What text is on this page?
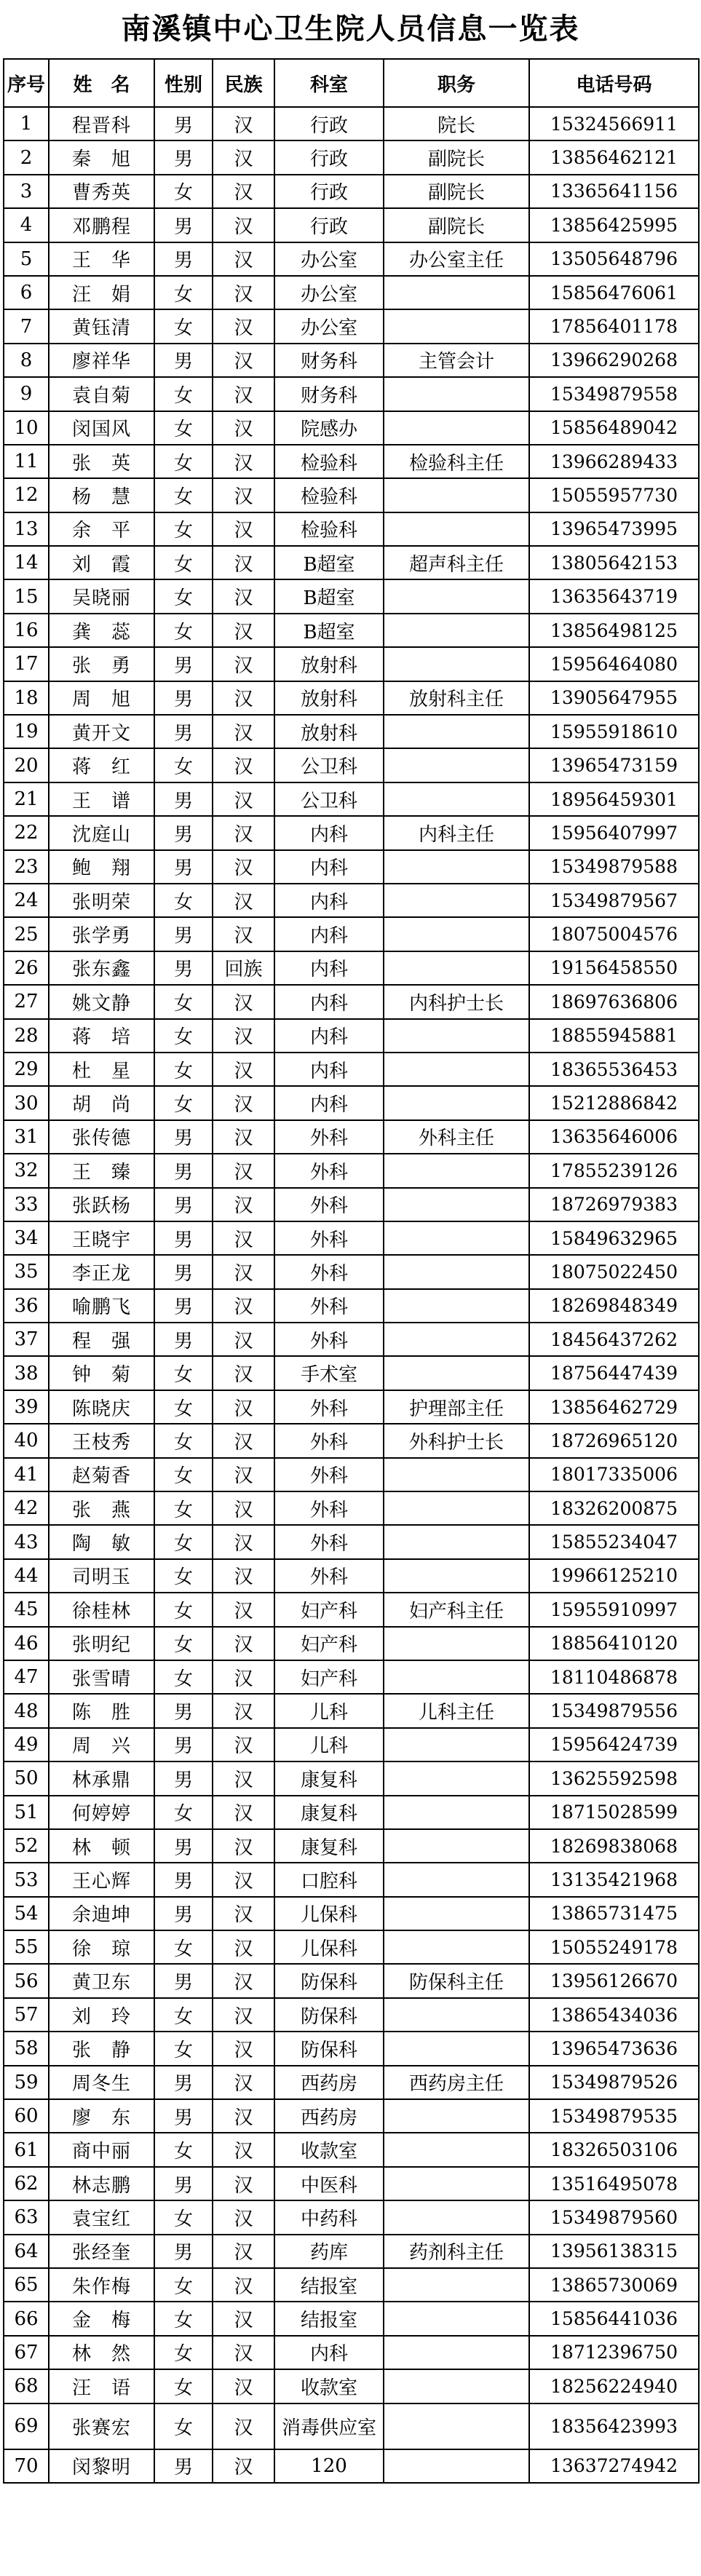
南溪镇中心卫生院人员信息一览表
序号	姓　名	性别	民族	科室	职务	电话号码
1	程晋科	男	汉	行政	院长	15324566911
2	秦　旭	男	汉	行政	副院长	13856462121
3	曹秀英	女	汉	行政	副院长	13365641156
4	邓鹏程	男	汉	行政	副院长	13856425995
5	王　华	男	汉	办公室	办公室主任	13505648796
6	汪　娟	女	汉	办公室		15856476061
7	黄钰清	女	汉	办公室		17856401178
8	廖祥华	男	汉	财务科	主管会计	13966290268
9	袁自菊	女	汉	财务科		15349879558
10	闵国风	女	汉	院感办		15856489042
11	张　英	女	汉	检验科	检验科主任	13966289433
12	杨　慧	女	汉	检验科		15055957730
13	余　平	女	汉	检验科		13965473995
14	刘　霞	女	汉	B超室	超声科主任	13805642153
15	吴晓丽	女	汉	B超室		13635643719
16	龚　蕊	女	汉	B超室		13856498125
17	张　勇	男	汉	放射科		15956464080
18	周　旭	男	汉	放射科	放射科主任	13905647955
19	黄开文	男	汉	放射科		15955918610
20	蒋　红	女	汉	公卫科		13965473159
21	王　谱	男	汉	公卫科		18956459301
22	沈庭山	男	汉	内科	内科主任	15956407997
23	鲍　翔	男	汉	内科		15349879588
24	张明荣	女	汉	内科		15349879567
25	张学勇	男	汉	内科		18075004576
26	张东鑫	男	回族	内科		19156458550
27	姚文静	女	汉	内科	内科护士长	18697636806
28	蒋　培	女	汉	内科		18855945881
29	杜　星	女	汉	内科		18365536453
30	胡　尚	女	汉	内科		15212886842
31	张传德	男	汉	外科	外科主任	13635646006
32	王　臻	男	汉	外科		17855239126
33	张跃杨	男	汉	外科		18726979383
34	王晓宇	男	汉	外科		15849632965
35	李正龙	男	汉	外科		18075022450
36	喻鹏飞	男	汉	外科		18269848349
37	程　强	男	汉	外科		18456437262
38	钟　菊	女	汉	手术室		18756447439
39	陈晓庆	女	汉	外科	护理部主任	13856462729
40	王枝秀	女	汉	外科	外科护士长	18726965120
41	赵菊香	女	汉	外科		18017335006
42	张　燕	女	汉	外科		18326200875
43	陶　敏	女	汉	外科		15855234047
44	司明玉	女	汉	外科		19966125210
45	徐桂林	女	汉	妇产科	妇产科主任	15955910997
46	张明纪	女	汉	妇产科		18856410120
47	张雪晴	女	汉	妇产科		18110486878
48	陈　胜	男	汉	儿科	儿科主任	15349879556
49	周　兴	男	汉	儿科		15956424739
50	林承鼎	男	汉	康复科		13625592598
51	何婷婷	女	汉	康复科		18715028599
52	林　顿	男	汉	康复科		18269838068
53	王心辉	男	汉	口腔科		13135421968
54	余迪坤	男	汉	儿保科		13865731475
55	徐　琼	女	汉	儿保科		15055249178
56	黄卫东	男	汉	防保科	防保科主任	13956126670
57	刘　玲	女	汉	防保科		13865434036
58	张　静	女	汉	防保科		13965473636
59	周冬生	男	汉	西药房	西药房主任	15349879526
60	廖　东	男	汉	西药房		15349879535
61	商中丽	女	汉	收款室		18326503106
62	林志鹏	男	汉	中医科		13516495078
63	袁宝红	女	汉	中药科		15349879560
64	张经奎	男	汉	药库	药剂科主任	13956138315
65	朱作梅	女	汉	结报室		13865730069
66	金　梅	女	汉	结报室		15856441036
67	林　然	女	汉	内科		18712396750
68	汪　语	女	汉	收款室		18256224940
69	张赛宏	女	汉	消毒供应室		18356423993
70	闵黎明	男	汉	120		13637274942
